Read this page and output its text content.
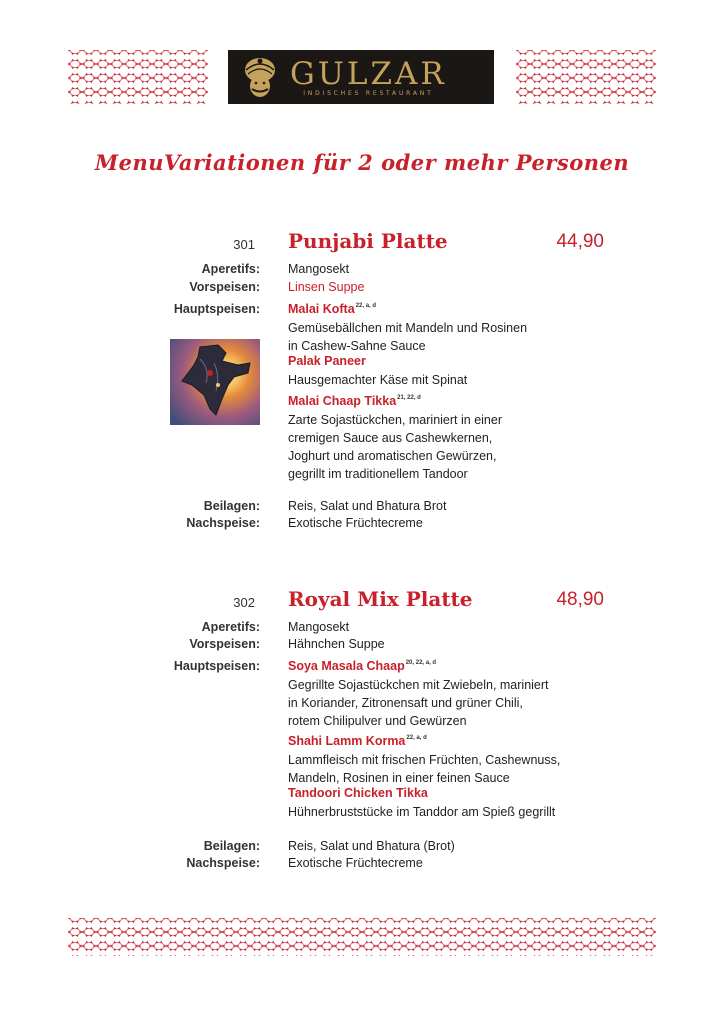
GULZAR
INDISCHES RESTAURANT
MenuVariationen für 2 oder mehr Personen
301 Punjabi Platte	44,90
Aperetifs: Mangosekt
Vorspeisen: Linsen Suppe
Hauptspeisen: Malai Kofta$^{22, a, d}$
Gemüsebällchen mit Mandeln und Rosinen
in Cashew-Sahne Sauce
Palak Paneer
Hausgemachter Käse mit Spinat
Malai Chaap Tikka$^{21, 22, d}$
Zarte Sojastückchen, mariniert in einer
cremigen Sauce aus Cashewkernen,
Joghurt und aromatischen Gewürzen,
gegrillt im traditionellem Tandoor
Beilagen: Reis, Salat und Bhatura Brot
Nachspeise: Exotische Früchtecreme
302 Royal Mix Platte	48,90
Aperetifs: Mangosekt
Vorspeisen: Hähnchen Suppe
Hauptspeisen: Soya Masala Chaap$^{20, 22, a, d}$
Gegrillte Sojastückchen mit Zwiebeln, mariniert
in Koriander, Zitronensaft und grüner Chili,
rotem Chilipulver und Gewürzen
Shahi Lamm Korma$^{22, a, d}$
Lammfleisch mit frischen Früchten, Cashewnuss,
Mandeln, Rosinen in einer feinen Sauce
Tandoori Chicken Tikka
Hühnerbruststücke im Tanddor am Spieß gegrillt
Beilagen: Reis, Salat und Bhatura (Brot)
Nachspeise: Exotische Früchtecreme
